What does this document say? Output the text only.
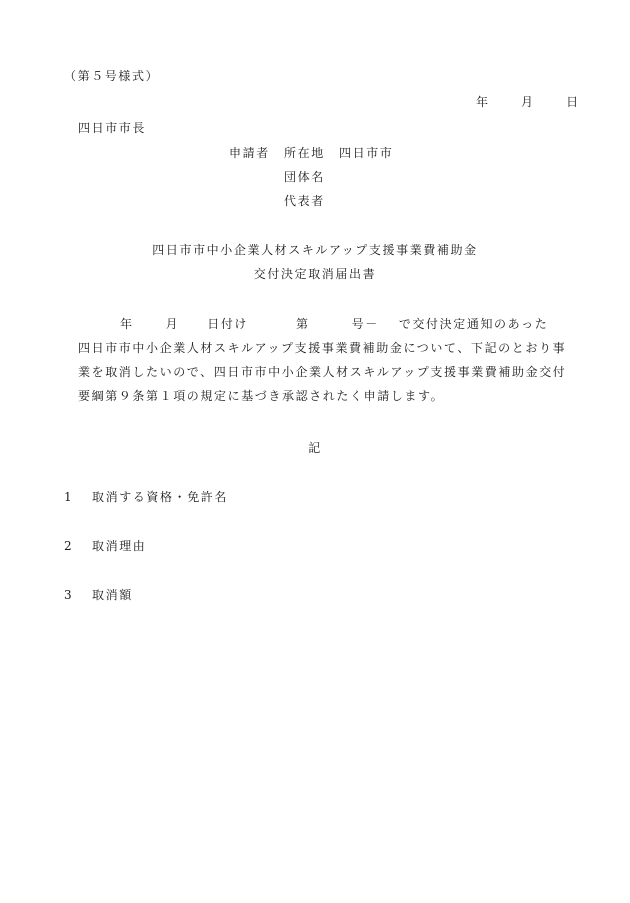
（第５号様式）
年	月	日
四日市市長
申請者 所在地 四日市市
団体名
代表者
四日市市中小企業人材スキルアップ支援事業費補助金
交付決定取消届出書
年	月 日付け	第	号－ で交付決定通知のあった
四日市市中小企業人材スキルアップ支援事業費補助金について、下記のとおり事
業を取消したいので、四日市市中小企業人材スキルアップ支援事業費補助金交付
要綱第９条第１項の規定に基づき承認されたく申請します。
記
1 取消する資格・免許名
2 取消理由
3 取消額
